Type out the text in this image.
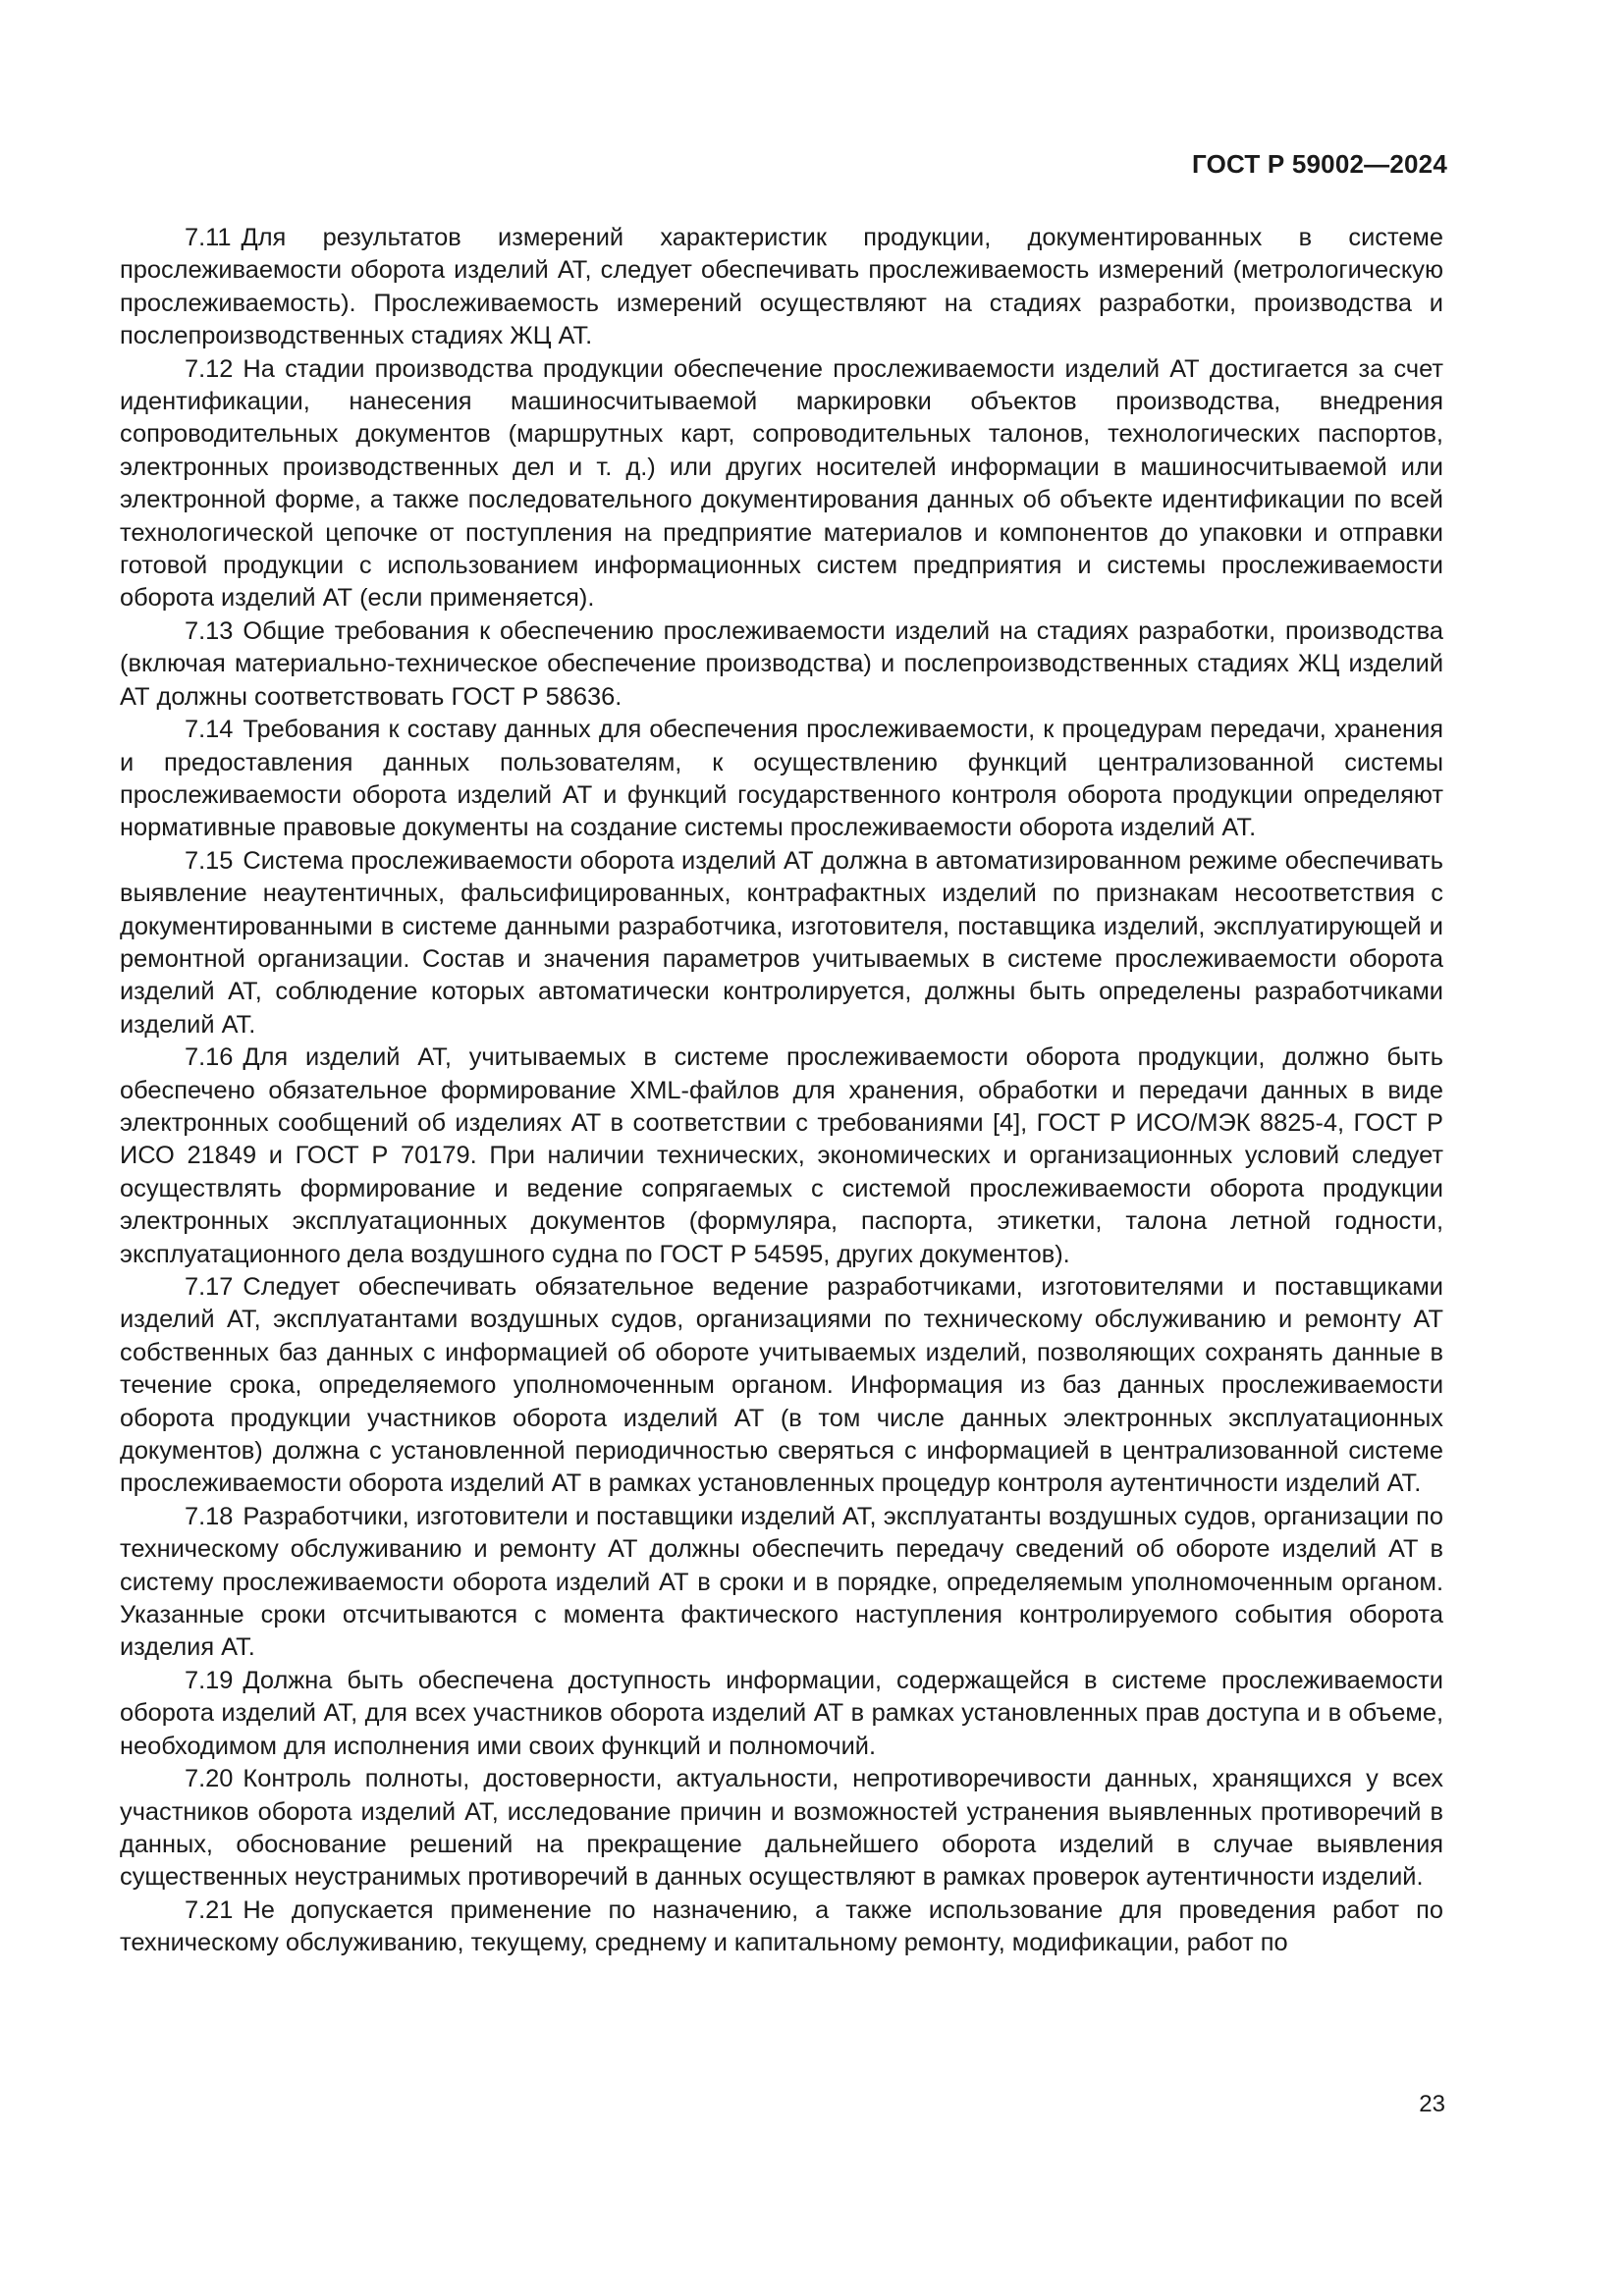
ГОСТ Р 59002—2024

7.11 Для результатов измерений характеристик продукции, документированных в системе прослеживаемости оборота изделий АТ, следует обеспечивать прослеживаемость измерений (метрологическую прослеживаемость). Прослеживаемость измерений осуществляют на стадиях разработки, производства и послепроизводственных стадиях ЖЦ АТ.

7.12 На стадии производства продукции обеспечение прослеживаемости изделий АТ достигается за счет идентификации, нанесения машиносчитываемой маркировки объектов производства, внедрения сопроводительных документов (маршрутных карт, сопроводительных талонов, технологических паспортов, электронных производственных дел и т. д.) или других носителей информации в машиносчитываемой или электронной форме, а также последовательного документирования данных об объекте идентификации по всей технологической цепочке от поступления на предприятие материалов и компонентов до упаковки и отправки готовой продукции с использованием информационных систем предприятия и системы прослеживаемости оборота изделий АТ (если применяется).

7.13 Общие требования к обеспечению прослеживаемости изделий на стадиях разработки, производства (включая материально-техническое обеспечение производства) и послепроизводственных стадиях ЖЦ изделий АТ должны соответствовать ГОСТ Р 58636.

7.14 Требования к составу данных для обеспечения прослеживаемости, к процедурам передачи, хранения и предоставления данных пользователям, к осуществлению функций централизованной системы прослеживаемости оборота изделий АТ и функций государственного контроля оборота продукции определяют нормативные правовые документы на создание системы прослеживаемости оборота изделий АТ.

7.15 Система прослеживаемости оборота изделий АТ должна в автоматизированном режиме обеспечивать выявление неаутентичных, фальсифицированных, контрафактных изделий по признакам несоответствия с документированными в системе данными разработчика, изготовителя, поставщика изделий, эксплуатирующей и ремонтной организации. Состав и значения параметров учитываемых в системе прослеживаемости оборота изделий АТ, соблюдение которых автоматически контролируется, должны быть определены разработчиками изделий АТ.

7.16 Для изделий АТ, учитываемых в системе прослеживаемости оборота продукции, должно быть обеспечено обязательное формирование XML-файлов для хранения, обработки и передачи данных в виде электронных сообщений об изделиях АТ в соответствии с требованиями [4], ГОСТ Р ИСО/МЭК 8825-4, ГОСТ Р ИСО 21849 и ГОСТ Р 70179. При наличии технических, экономических и организационных условий следует осуществлять формирование и ведение сопрягаемых с системой прослеживаемости оборота продукции электронных эксплуатационных документов (формуляра, паспорта, этикетки, талона летной годности, эксплуатационного дела воздушного судна по ГОСТ Р 54595, других документов).

7.17 Следует обеспечивать обязательное ведение разработчиками, изготовителями и поставщиками изделий АТ, эксплуатантами воздушных судов, организациями по техническому обслуживанию и ремонту АТ собственных баз данных с информацией об обороте учитываемых изделий, позволяющих сохранять данные в течение срока, определяемого уполномоченным органом. Информация из баз данных прослеживаемости оборота продукции участников оборота изделий АТ (в том числе данных электронных эксплуатационных документов) должна с установленной периодичностью сверяться с информацией в централизованной системе прослеживаемости оборота изделий АТ в рамках установленных процедур контроля аутентичности изделий АТ.

7.18 Разработчики, изготовители и поставщики изделий АТ, эксплуатанты воздушных судов, организации по техническому обслуживанию и ремонту АТ должны обеспечить передачу сведений об обороте изделий АТ в систему прослеживаемости оборота изделий АТ в сроки и в порядке, определяемым уполномоченным органом. Указанные сроки отсчитываются с момента фактического наступления контролируемого события оборота изделия АТ.

7.19 Должна быть обеспечена доступность информации, содержащейся в системе прослеживаемости оборота изделий АТ, для всех участников оборота изделий АТ в рамках установленных прав доступа и в объеме, необходимом для исполнения ими своих функций и полномочий.

7.20 Контроль полноты, достоверности, актуальности, непротиворечивости данных, хранящихся у всех участников оборота изделий АТ, исследование причин и возможностей устранения выявленных противоречий в данных, обоснование решений на прекращение дальнейшего оборота изделий в случае выявления существенных неустранимых противоречий в данных осуществляют в рамках проверок аутентичности изделий.

7.21 Не допускается применение по назначению, а также использование для проведения работ по техническому обслуживанию, текущему, среднему и капитальному ремонту, модификации, работ по

23
